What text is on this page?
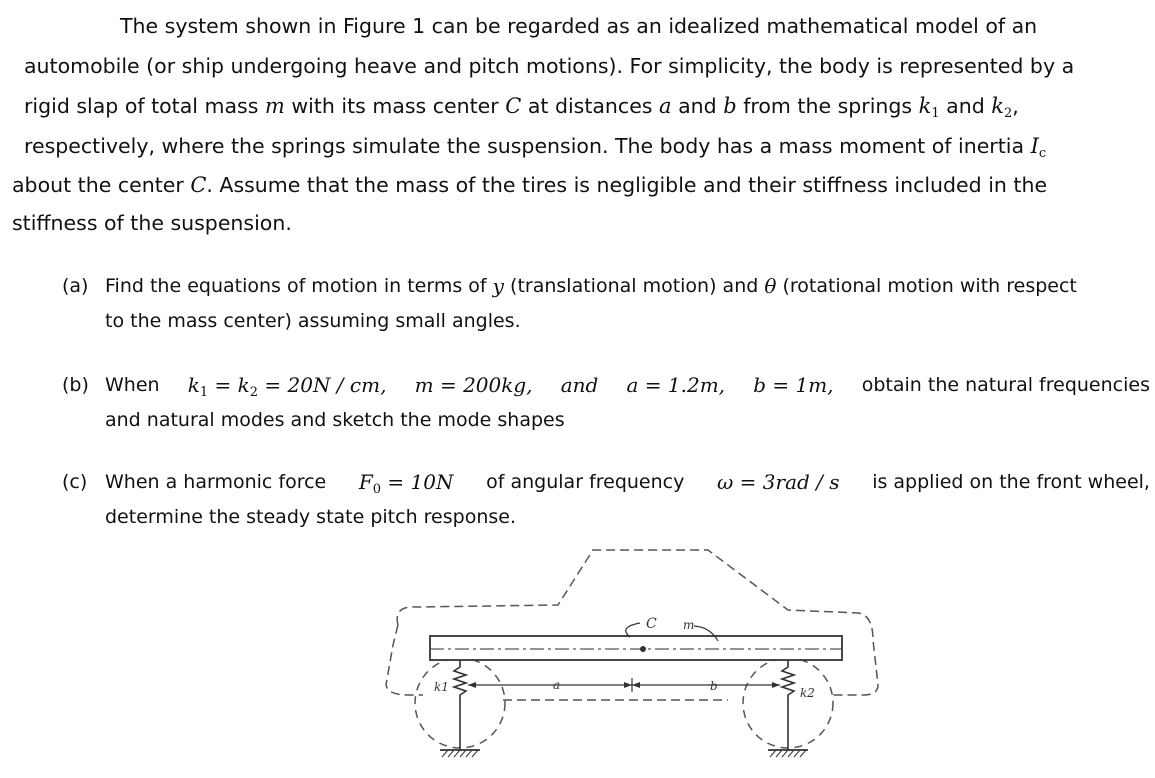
The system shown in Figure 1 can be regarded as an idealized mathematical model of an
automobile (or ship undergoing heave and pitch motions). For simplicity, the body is represented by a
rigid slap of total mass m with its mass center C at distances a and b from the springs $k_1$ and $k_2$,
respectively, where the springs simulate the suspension. The body has a mass moment of inertia $I_c$
about the center C. Assume that the mass of the tires is negligible and their stiffness included in the
stiffness of the suspension.
(a) Find the equations of motion in terms of
y
(translational motion) and
θ
(rotational motion with respect
to the mass center) assuming small angles.
(b) When $k_1 = k_2 = 20N$ / cm, m = 200kg, and a = 1.2m, b = 1m, obtain the natural frequencies
and natural modes and sketch the mode shapes
(c) When a harmonic force $F_0 = 10N$ of angular frequency ω = 3rad / s is applied on the front wheel,
determine the steady state pitch response.
C m
k1	k2
a	b
